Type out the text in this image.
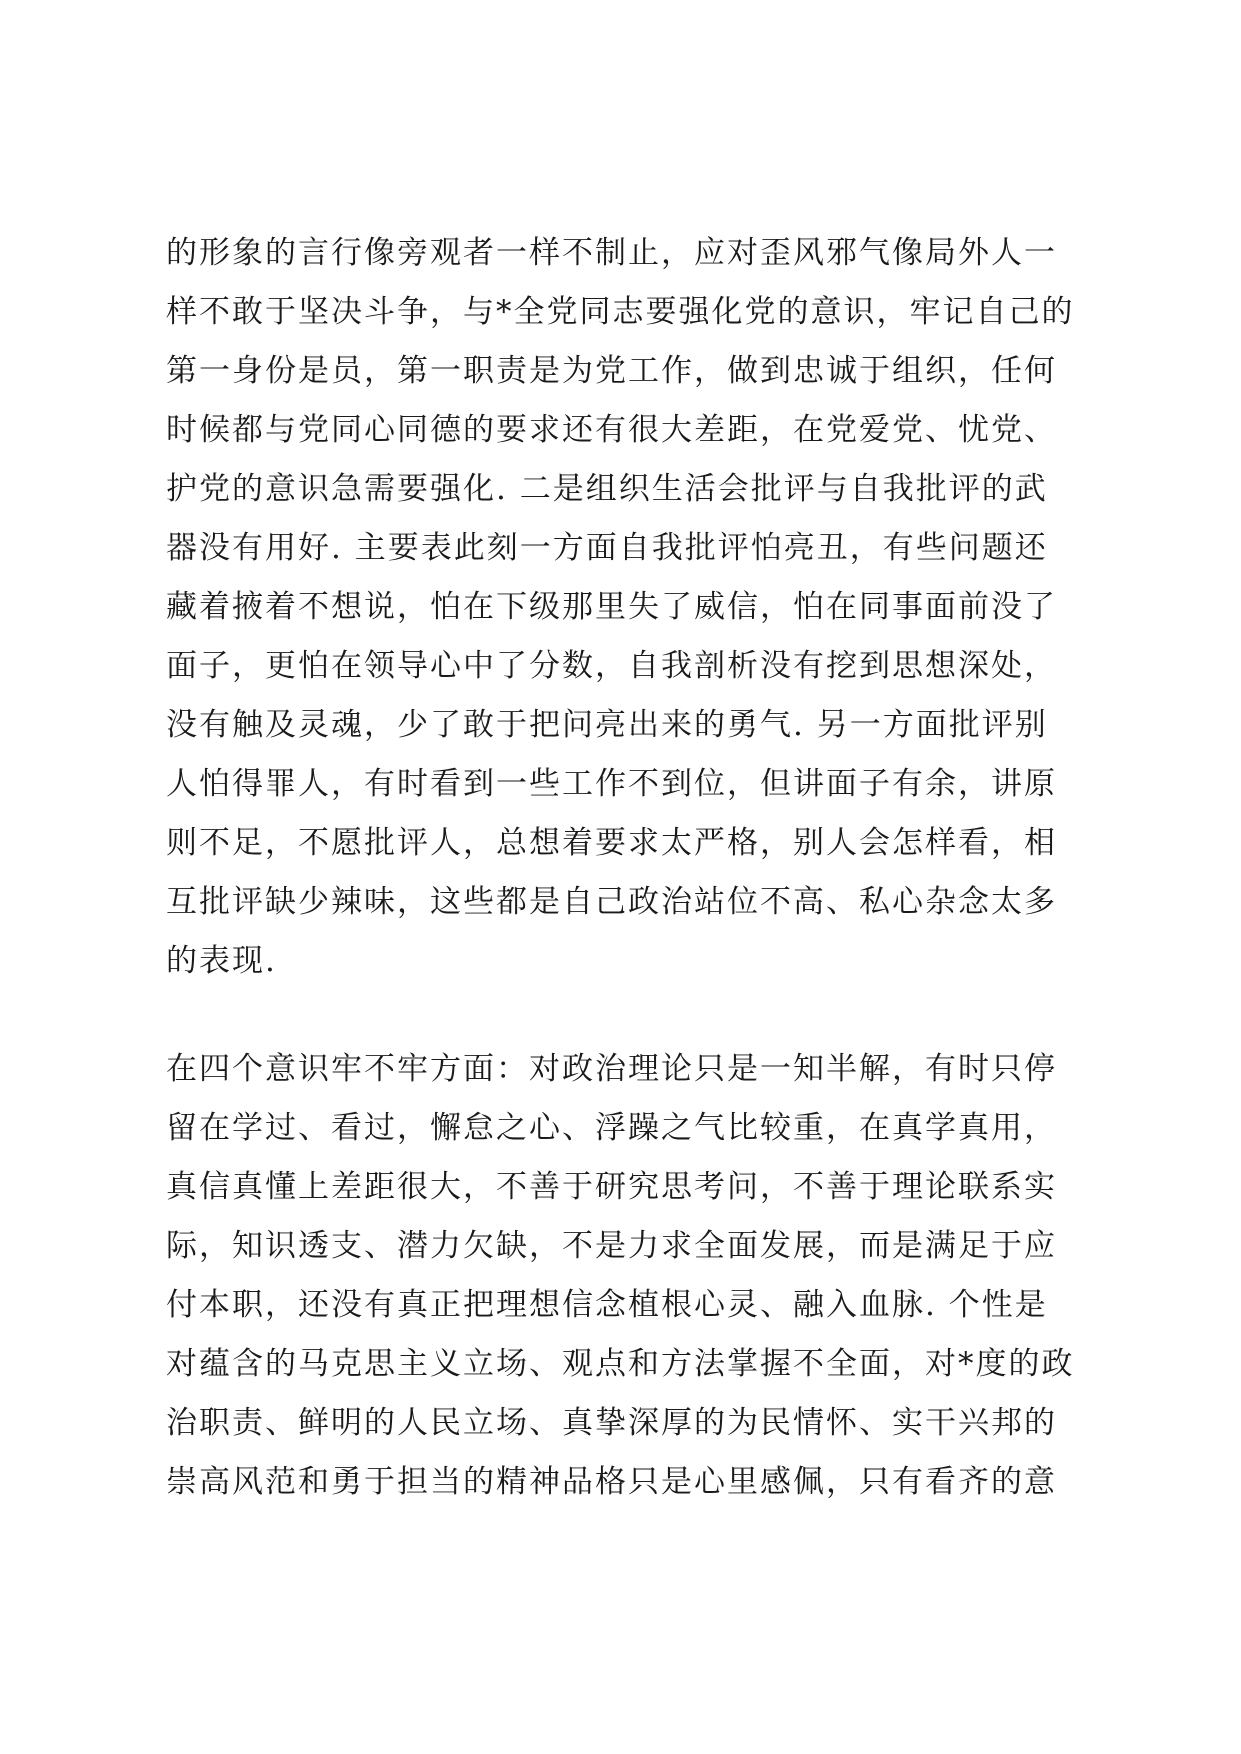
的形象的言行像旁观者一样不制止，应对歪风邪气像局外人一
样不敢于坚决斗争，与*全党同志要强化党的意识，牢记自己的
第一身份是员，第一职责是为党工作，做到忠诚于组织，任何
时候都与党同心同德的要求还有很大差距，在党爱党、忧党、
护党的意识急需要强化. 二是组织生活会批评与自我批评的武
器没有用好. 主要表此刻一方面自我批评怕亮丑，有些问题还
藏着掖着不想说，怕在下级那里失了威信，怕在同事面前没了
面子，更怕在领导心中了分数，自我剖析没有挖到思想深处，
没有触及灵魂，少了敢于把问亮出来的勇气. 另一方面批评别
人怕得罪人，有时看到一些工作不到位，但讲面子有余，讲原
则不足，不愿批评人，总想着要求太严格，别人会怎样看，相
互批评缺少辣味，这些都是自己政治站位不高、私心杂念太多
的表现.
在四个意识牢不牢方面：对政治理论只是一知半解，有时只停
留在学过、看过，懈怠之心、浮躁之气比较重，在真学真用，
真信真懂上差距很大，不善于研究思考问，不善于理论联系实
际，知识透支、潜力欠缺，不是力求全面发展，而是满足于应
付本职，还没有真正把理想信念植根心灵、融入血脉. 个性是
对蕴含的马克思主义立场、观点和方法掌握不全面，对*度的政
治职责、鲜明的人民立场、真挚深厚的为民情怀、实干兴邦的
崇高风范和勇于担当的精神品格只是心里感佩，只有看齐的意
